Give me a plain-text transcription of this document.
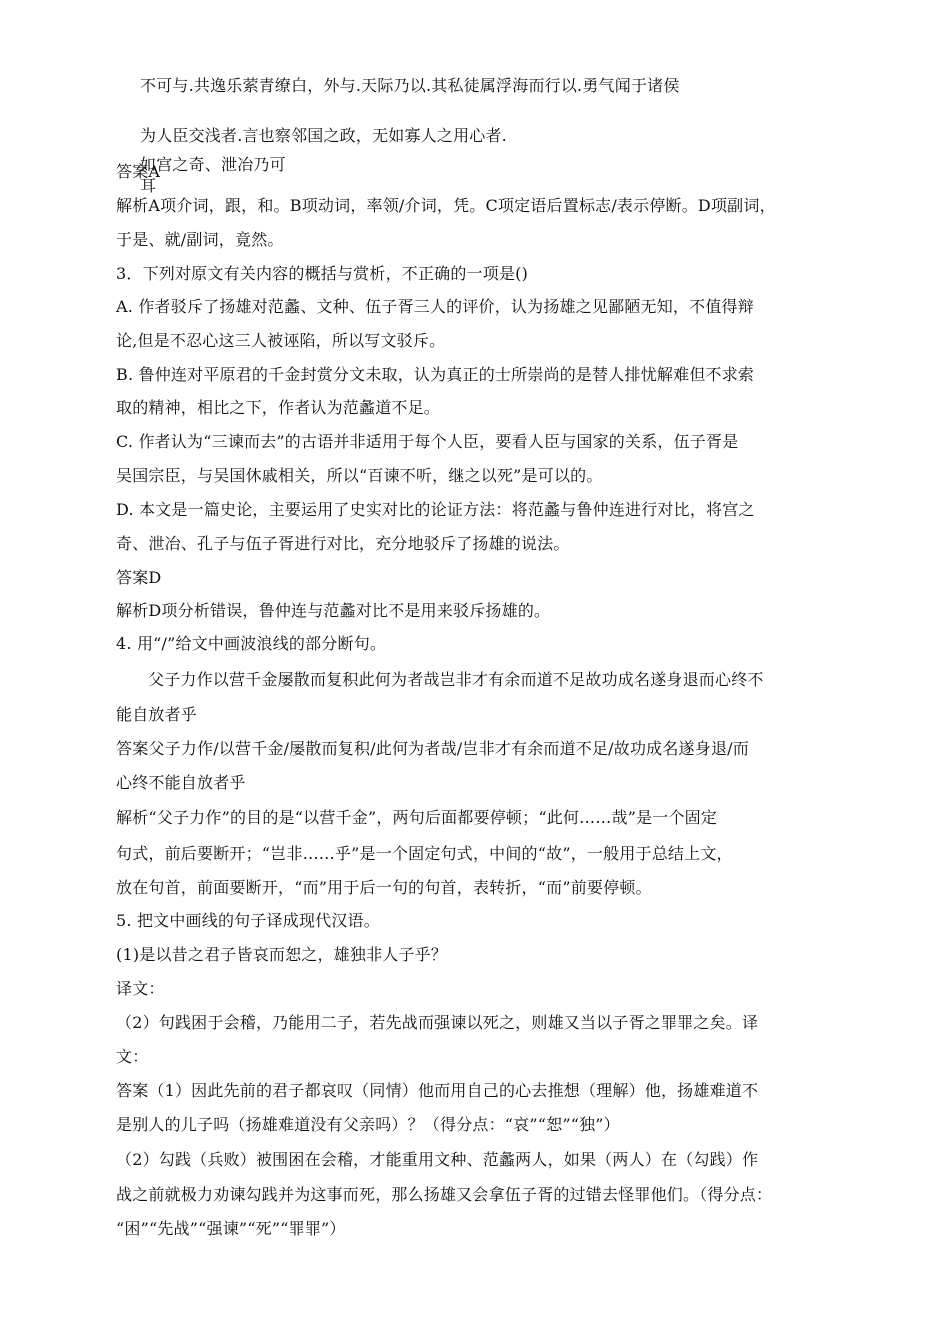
不可与.共逸乐萦青缭白，外与.天际乃以.其私徒属浮海而行以.勇气闻于诸侯
为人臣交浅者.言也察邻国之政，无如寡人之用心者.
如宫之奇、泄冶乃可
答案A
耳
解析A项介词，跟，和。B项动词，率领/介词，凭。C项定语后置标志/表示停断。D项副词，
于是、就/副词，竟然。
3．下列对原文有关内容的概括与赏析，不正确的一项是()
A. 作者驳斥了扬雄对范蠡、文种、伍子胥三人的评价，认为扬雄之见鄙陋无知，不值得辩
论,但是不忍心这三人被诬陷，所以写文驳斥。
B. 鲁仲连对平原君的千金封赏分文未取，认为真正的士所崇尚的是替人排忧解难但不求索
取的精神，相比之下，作者认为范蠡道不足。
C. 作者认为“三谏而去”的古语并非适用于每个人臣，要看人臣与国家的关系，伍子胥是
吴国宗臣，与吴国休戚相关，所以“百谏不听，继之以死”是可以的。
D. 本文是一篇史论，主要运用了史实对比的论证方法：将范蠡与鲁仲连进行对比，将宫之
奇、泄冶、孔子与伍子胥进行对比，充分地驳斥了扬雄的说法。
答案D
解析D项分析错误，鲁仲连与范蠡对比不是用来驳斥扬雄的。
4. 用“/”给文中画波浪线的部分断句。
父子力作以营千金屡散而复积此何为者哉岂非才有余而道不足故功成名遂身退而心终不
能自放者乎
答案父子力作/以营千金/屡散而复积/此何为者哉/岂非才有余而道不足/故功成名遂身退/而
心终不能自放者乎
解析“父子力作”的目的是“以营千金”，两句后面都要停顿；“此何……哉”是一个固定
句式，前后要断开；“岂非……乎”是一个固定句式，中间的“故”，一般用于总结上文，
放在句首，前面要断开，“而”用于后一句的句首，表转折，“而”前要停顿。
5. 把文中画线的句子译成现代汉语。
(1)是以昔之君子皆哀而恕之，雄独非人子乎？
译文：
（2）句践困于会稽，乃能用二子，若先战而强谏以死之，则雄又当以子胥之罪罪之矣。译
文：
答案（1）因此先前的君子都哀叹（同情）他而用自己的心去推想（理解）他，扬雄难道不
是别人的儿子吗（扬雄难道没有父亲吗）？（得分点：“哀”“恕”“独”）
（2）勾践（兵败）被围困在会稽，才能重用文种、范蠡两人，如果（两人）在（勾践）作
战之前就极力劝谏勾践并为这事而死，那么扬雄又会拿伍子胥的过错去怪罪他们。（得分点：
“困”“先战”“强谏”“死”“罪罪”）
